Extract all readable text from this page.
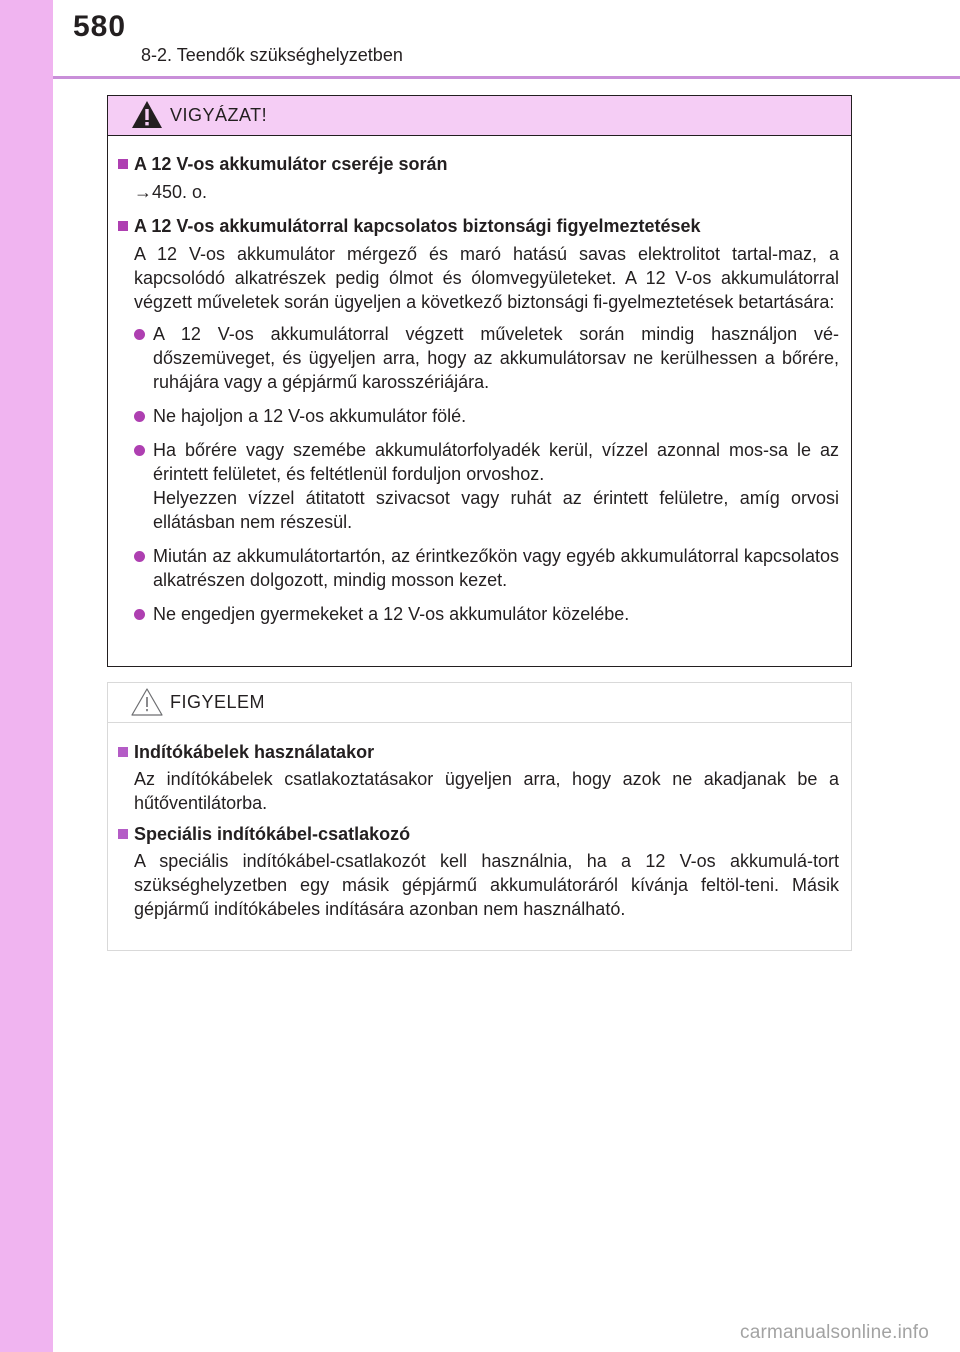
580
8-2. Teendők szükséghelyzetben
VIGYÁZAT!
A 12 V-os akkumulátor cseréje során
→450. o.
A 12 V-os akkumulátorral kapcsolatos biztonsági figyelmeztetések
A 12 V-os akkumulátor mérgező és maró hatású savas elektrolitot tartal-maz, a kapcsolódó alkatrészek pedig ólmot és ólomvegyületeket. A 12 V-os akkumulátorral végzett műveletek során ügyeljen a következő biztonsági fi-gyelmeztetések betartására:
A 12 V-os akkumulátorral végzett műveletek során mindig használjon vé-dőszemüveget, és ügyeljen arra, hogy az akkumulátorsav ne kerülhessen a bőrére, ruhájára vagy a gépjármű karosszériájára.
Ne hajoljon a 12 V-os akkumulátor fölé.
Ha bőrére vagy szemébe akkumulátorfolyadék kerül, vízzel azonnal mos-sa le az érintett felületet, és feltétlenül forduljon orvoshoz.
Helyezzen vízzel átitatott szivacsot vagy ruhát az érintett felületre, amíg orvosi ellátásban nem részesül.
Miután az akkumulátortartón, az érintkezőkön vagy egyéb akkumulátorral kapcsolatos alkatrészen dolgozott, mindig mosson kezet.
Ne engedjen gyermekeket a 12 V-os akkumulátor közelébe.
FIGYELEM
Indítókábelek használatakor
Az indítókábelek csatlakoztatásakor ügyeljen arra, hogy azok ne akadjanak be a hűtőventilátorba.
Speciális indítókábel-csatlakozó
A speciális indítókábel-csatlakozót kell használnia, ha a 12 V-os akkumulá-tort szükséghelyzetben egy másik gépjármű akkumulátoráról kívánja feltöl-teni. Másik gépjármű indítókábeles indítására azonban nem használható.
carmanualsonline.info
